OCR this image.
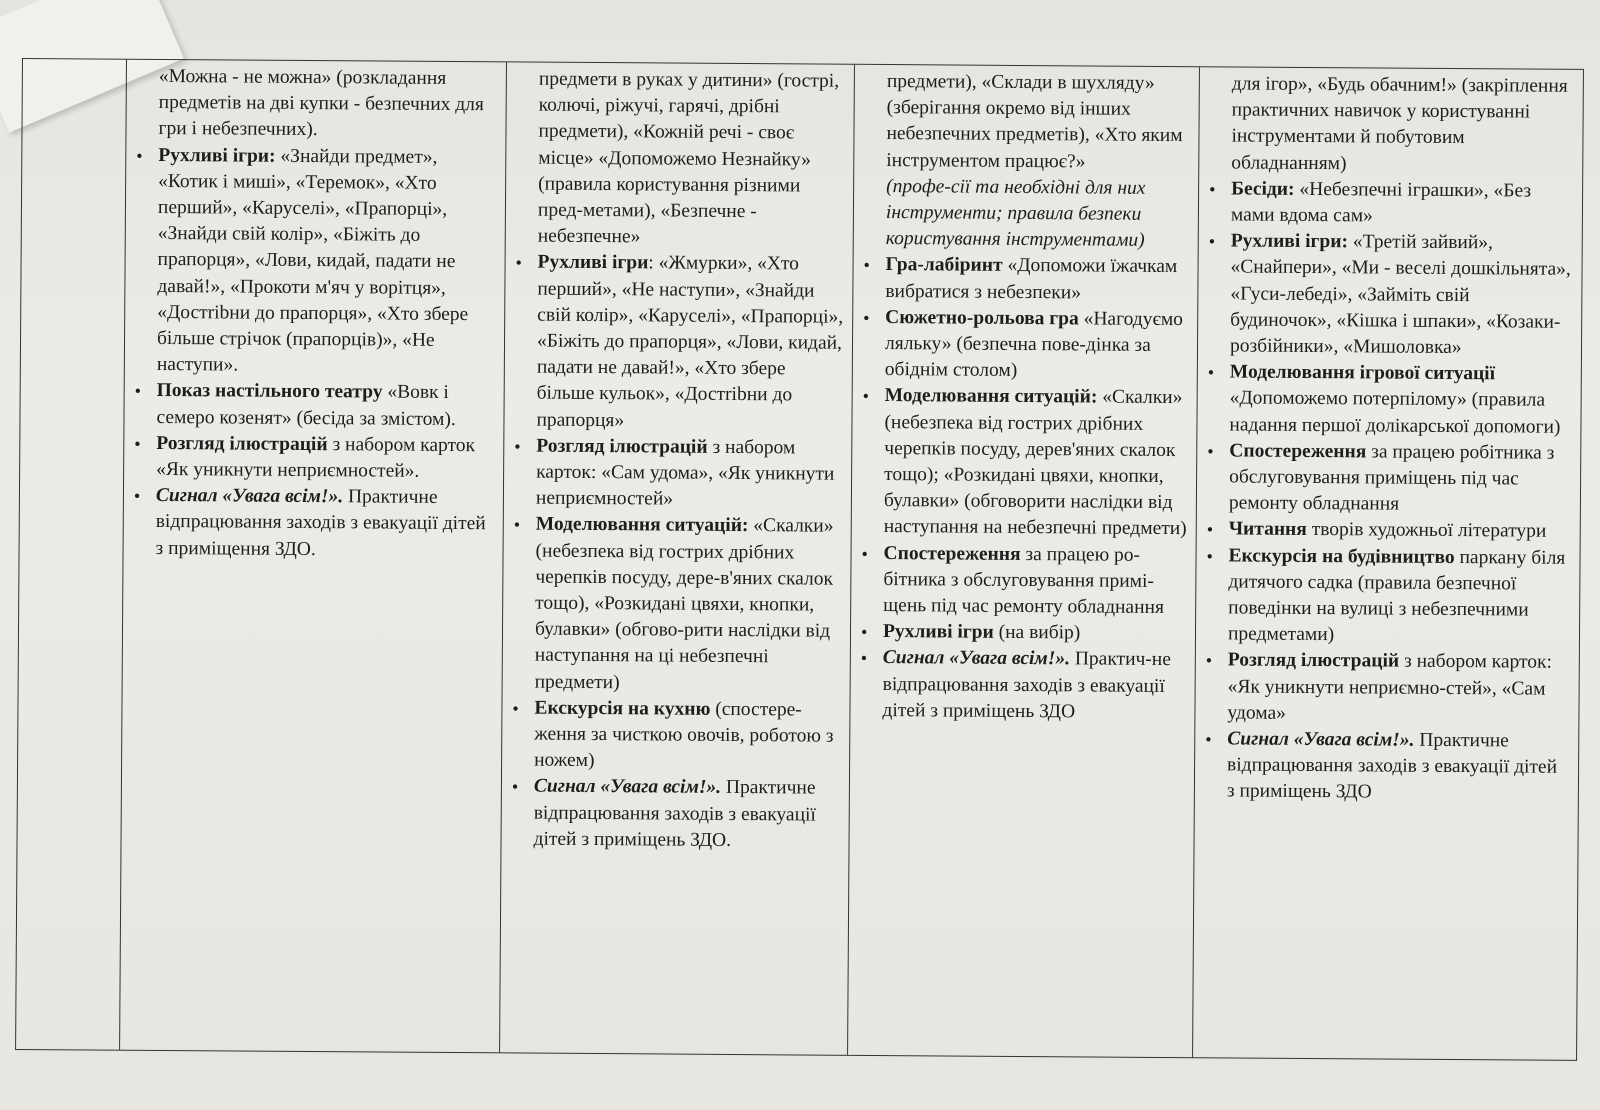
«Можна - не можна» (розкладання предметів на дві купки - безпечних для гри і небезпечних).
• Рухливі ігри: «Знайди предмет», «Котик і миші», «Теремок», «Хто перший», «Каруселі», «Прапорці», «Знайди свій колір», «Біжіть до прапорця», «Лови, кидай, падати не давай!», «Прокоти м'яч у ворітця», «Достribни до прапорця», «Хто збере більше стрічок (прапорців)», «Не наступи».
• Показ настільного театру «Вовк і семеро козенят» (бесіда за змістом).
• Розгляд ілюстрацій з набором карток «Як уникнути неприємностей».
• Сигнал «Увага всім!». Практичне відпрацювання заходів з евакуації дітей з приміщення ЗДО.
предмети в руках у дитини» (гострі, колючі, ріжучі, гарячі, дрібні предмети), «Кожній речі - своє місце» «Допоможемо Незнайку» (правила користування різними пред-метами), «Безпечне - небезпечне»
• Рухливі ігри: «Жмурки», «Хто перший», «Не наступи», «Знайди свій колір», «Каруселі», «Прапорці», «Біжіть до прапорця», «Лови, кидай, падати не давай!», «Хто збере більше кульок», «Достribни до прапорця»
• Розгляд ілюстрацій з набором карток: «Сам удома», «Як уникнути неприємностей»
• Моделювання ситуацій: «Скалки» (небезпека від гострих дрібних черепків посуду, дере-в'яних скалок тощо), «Розкидані цвяхи, кнопки, булавки» (обгово-рити наслідки від наступання на ці небезпечні предмети)
• Екскурсія на кухню (спостере-ження за чисткою овочів, роботою з ножем)
• Сигнал «Увага всім!». Практичне відпрацювання заходів з евакуації дітей з приміщень ЗДО.
предмети), «Склади в шухляду» (зберігання окремо від інших небезпечних предметів), «Хто яким інструментом працює?»
(профе-сії та необхідні для них інструменти; правила безпеки користування інструментами)
• Гра-лабіринт «Допоможи їжачкам вибратися з небезпеки»
• Сюжетно-рольова гра «Нагодуємо ляльку» (безпечна пове-дінка за обіднім столом)
• Моделювання ситуацій: «Скалки» (небезпека від гострих дрібних черепків посуду, дерев'яних скалок тощо); «Розкидані цвяхи, кнопки, булавки» (обговорити наслідки від наступання на небезпечні предмети)
• Спостереження за працею ро-бітника з обслуговування примі-щень під час ремонту обладнання
• Рухливі ігри (на вибір)
• Сигнал «Увага всім!». Практич-не відпрацювання заходів з евакуації дітей з приміщень ЗДО
для ігор», «Будь обачним!» (закріплення практичних навичок у користуванні інструментами й побутовим обладнанням)
• Бесіди: «Небезпечні іграшки», «Без мами вдома сам»
• Рухливі ігри: «Третій зайвий», «Снайпери», «Ми - веселі дошкільнята», «Гуси-лебеді», «Займіть свій будиночок», «Кішка і шпаки», «Козаки-розбійники», «Мишоловка»
• Моделювання ігрової ситуації «Допоможемо потерпілому» (правила надання першої долікарської допомоги)
• Спостереження за працею робітника з обслуговування приміщень під час ремонту обладнання
• Читання творів художньої літератури
• Екскурсія на будівництво паркану біля дитячого садка (правила безпечної поведінки на вулиці з небезпечними предметами)
• Розгляд ілюстрацій з набором карток: «Як уникнути неприємно-стей», «Сам удома»
• Сигнал «Увага всім!». Практичне відпрацювання заходів з евакуації дітей з приміщень ЗДО
